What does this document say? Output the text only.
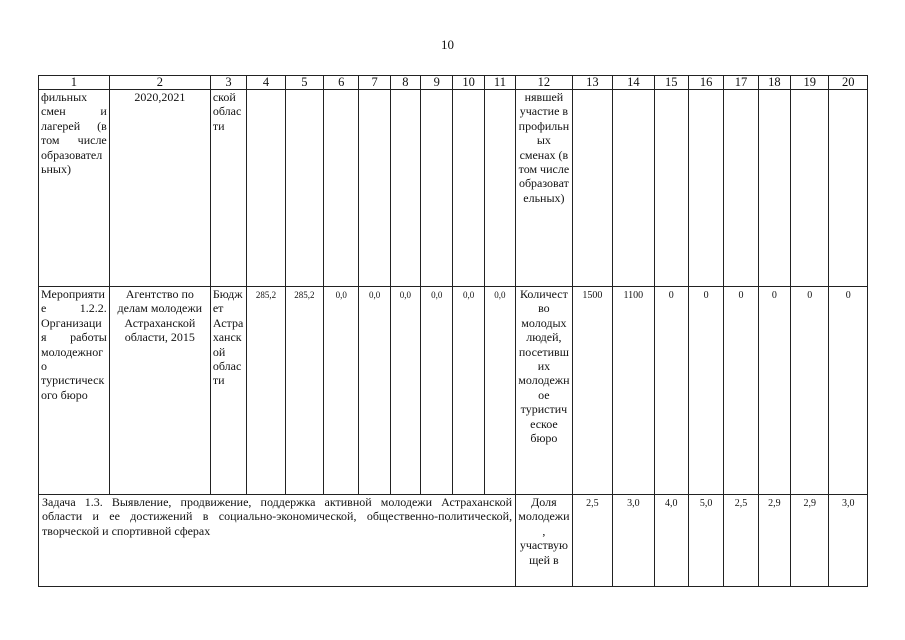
10
1	2	3	4	5	6	7	8	9	10	11	12	13	14	15	16	17	18	19	20

фильных смен и лагерей (в том числе образовательных)	2020,2021	ской области									нявшей участие в профильных сменах (в том числе образовательных)								

Мероприятие 1.2.2. Организация работы молодежного туристического бюро	Агентство по делам молодежи Астраханской области, 2015	Бюджет Астраханской области	285,2	285,2	0,0	0,0	0,0	0,0	0,0	0,0	Количество молодых людей, посетивших молодежное туристическое бюро	1500	1100	0	0	0	0	0	0

Задача 1.3. Выявление, продвижение, поддержка активной молодежи Астраханской области и ее достижений в социально-экономической, общественно-политической, творческой и спортивной сферах											Доля молодежи, участвующей в	2,5	3,0	4,0	5,0	2,5	2,9	2,9	3,0
